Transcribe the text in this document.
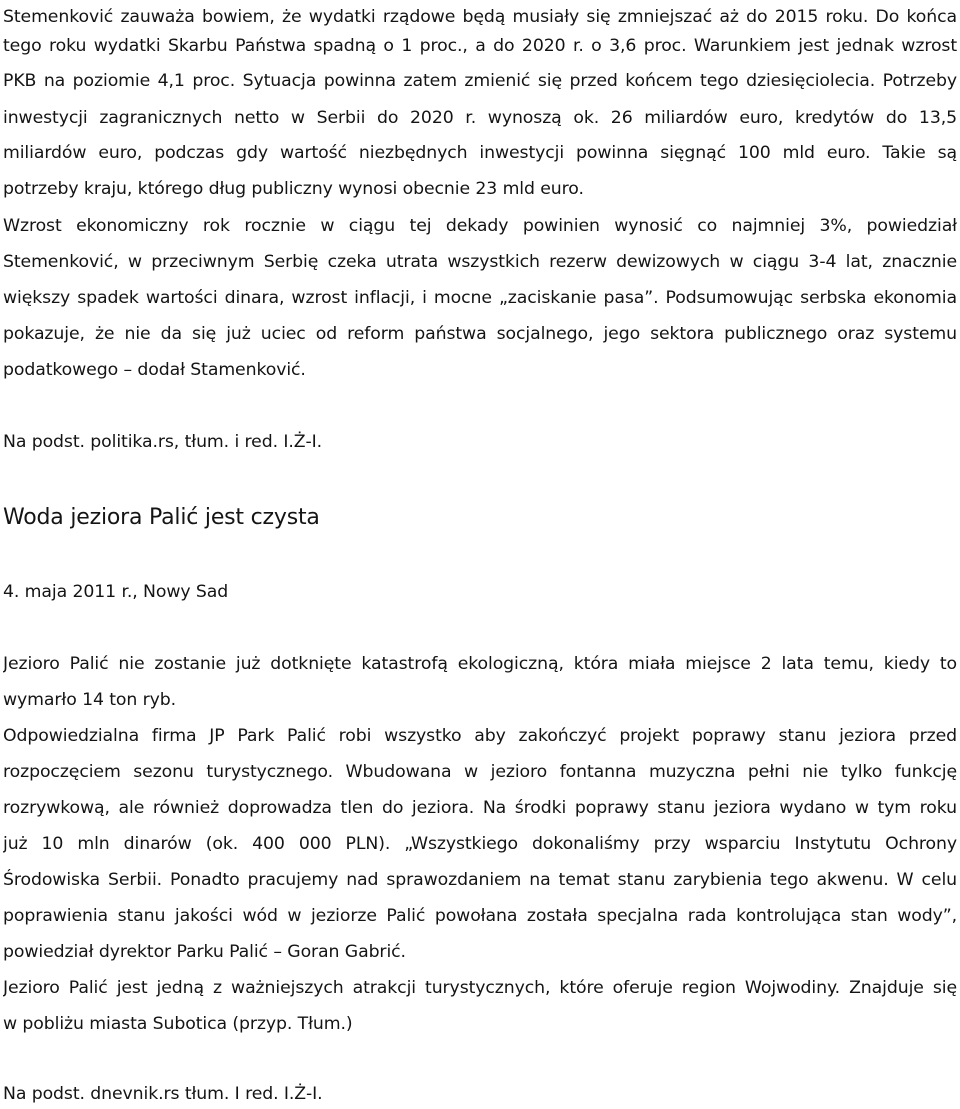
Stemenković zauważa bowiem, że wydatki rządowe będą musiały się zmniejszać aż do 2015 roku. Do końca

tego roku wydatki Skarbu Państwa spadną o 1 proc., a do 2020 r. o 3,6 proc. Warunkiem jest jednak wzrost

PKB na poziomie 4,1 proc. Sytuacja powinna zatem zmienić się przed końcem tego dziesięciolecia. Potrzeby

inwestycji zagranicznych netto w Serbii do 2020 r. wynoszą ok. 26 miliardów euro, kredytów do 13,5

miliardów euro, podczas gdy wartość niezbędnych inwestycji powinna sięgnąć 100 mld euro. Takie są

potrzeby kraju, którego dług publiczny wynosi obecnie 23 mld euro.

Wzrost ekonomiczny rok rocznie w ciągu tej dekady powinien wynosić co najmniej 3%, powiedział

Stemenković, w przeciwnym Serbię czeka utrata wszystkich rezerw dewizowych w ciągu 3-4 lat, znacznie

większy spadek wartości dinara, wzrost inflacji, i mocne „zaciskanie pasa”. Podsumowując serbska ekonomia

pokazuje, że nie da się już uciec od reform państwa socjalnego, jego sektora publicznego oraz systemu

podatkowego – dodał Stamenković.

Na podst. politika.rs, tłum. i red. I.Ż-I.

Woda jeziora Palić jest czysta

4. maja 2011 r., Nowy Sad

Jezioro Palić nie zostanie już dotknięte katastrofą ekologiczną, która miała miejsce 2 lata temu, kiedy to

wymarło 14 ton ryb.

Odpowiedzialna firma JP Park Palić robi wszystko aby zakończyć projekt poprawy stanu jeziora przed

rozpoczęciem sezonu turystycznego. Wbudowana w jezioro fontanna muzyczna pełni nie tylko funkcję

rozrywkową, ale również doprowadza tlen do jeziora. Na środki poprawy stanu jeziora wydano w tym roku

już 10 mln dinarów (ok. 400 000 PLN). „Wszystkiego dokonaliśmy przy wsparciu Instytutu Ochrony

Środowiska Serbii. Ponadto pracujemy nad sprawozdaniem na temat stanu zarybienia tego akwenu. W celu

poprawienia stanu jakości wód w jeziorze Palić powołana została specjalna rada kontrolująca stan wody”,

powiedział dyrektor Parku Palić – Goran Gabrić.

Jezioro Palić jest jedną z ważniejszych atrakcji turystycznych, które oferuje region Wojwodiny. Znajduje się

w pobliżu miasta Subotica (przyp. Tłum.)

Na podst. dnevnik.rs tłum. I red. I.Ż-I.
